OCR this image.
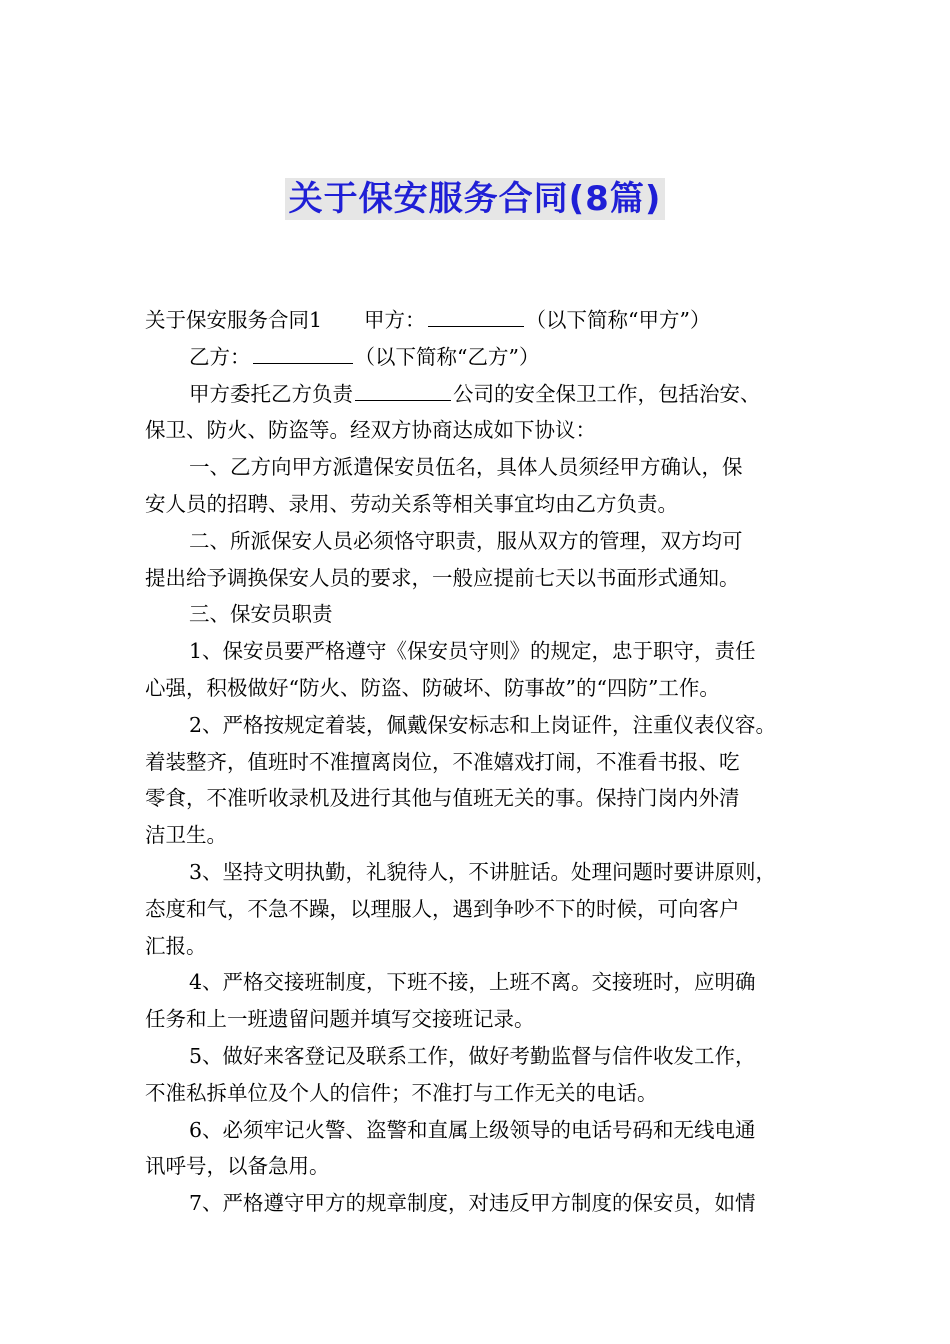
关于保安服务合同(8篇)
关于保安服务合同1 甲方：	（以下简称“甲方”）
乙方：	（以下简称“乙方”）
甲方委托乙方负责	公司的安全保卫工作，包括治安、
保卫、防火、防盗等。经双方协商达成如下协议：
一、乙方向甲方派遣保安员伍名，具体人员须经甲方确认，保
安人员的招聘、录用、劳动关系等相关事宜均由乙方负责。
二、所派保安人员必须恪守职责，服从双方的管理，双方均可
提出给予调换保安人员的要求，一般应提前七天以书面形式通知。
三、保安员职责
1、保安员要严格遵守《保安员守则》的规定，忠于职守，责任
心强，积极做好“防火、防盗、防破坏、防事故”的“四防”工作。
2、严格按规定着装，佩戴保安标志和上岗证件，注重仪表仪容。
着装整齐，值班时不准擅离岗位，不准嬉戏打闹，不准看书报、吃
零食，不准听收录机及进行其他与值班无关的事。保持门岗内外清
洁卫生。
3、坚持文明执勤，礼貌待人，不讲脏话。处理问题时要讲原则，
态度和气，不急不躁，以理服人，遇到争吵不下的时候，可向客户
汇报。
4、严格交接班制度，下班不接，上班不离。交接班时，应明确
任务和上一班遗留问题并填写交接班记录。
5、做好来客登记及联系工作，做好考勤监督与信件收发工作，
不准私拆单位及个人的信件；不准打与工作无关的电话。
6、必须牢记火警、盗警和直属上级领导的电话号码和无线电通
讯呼号，以备急用。
7、严格遵守甲方的规章制度，对违反甲方制度的保安员，如情
